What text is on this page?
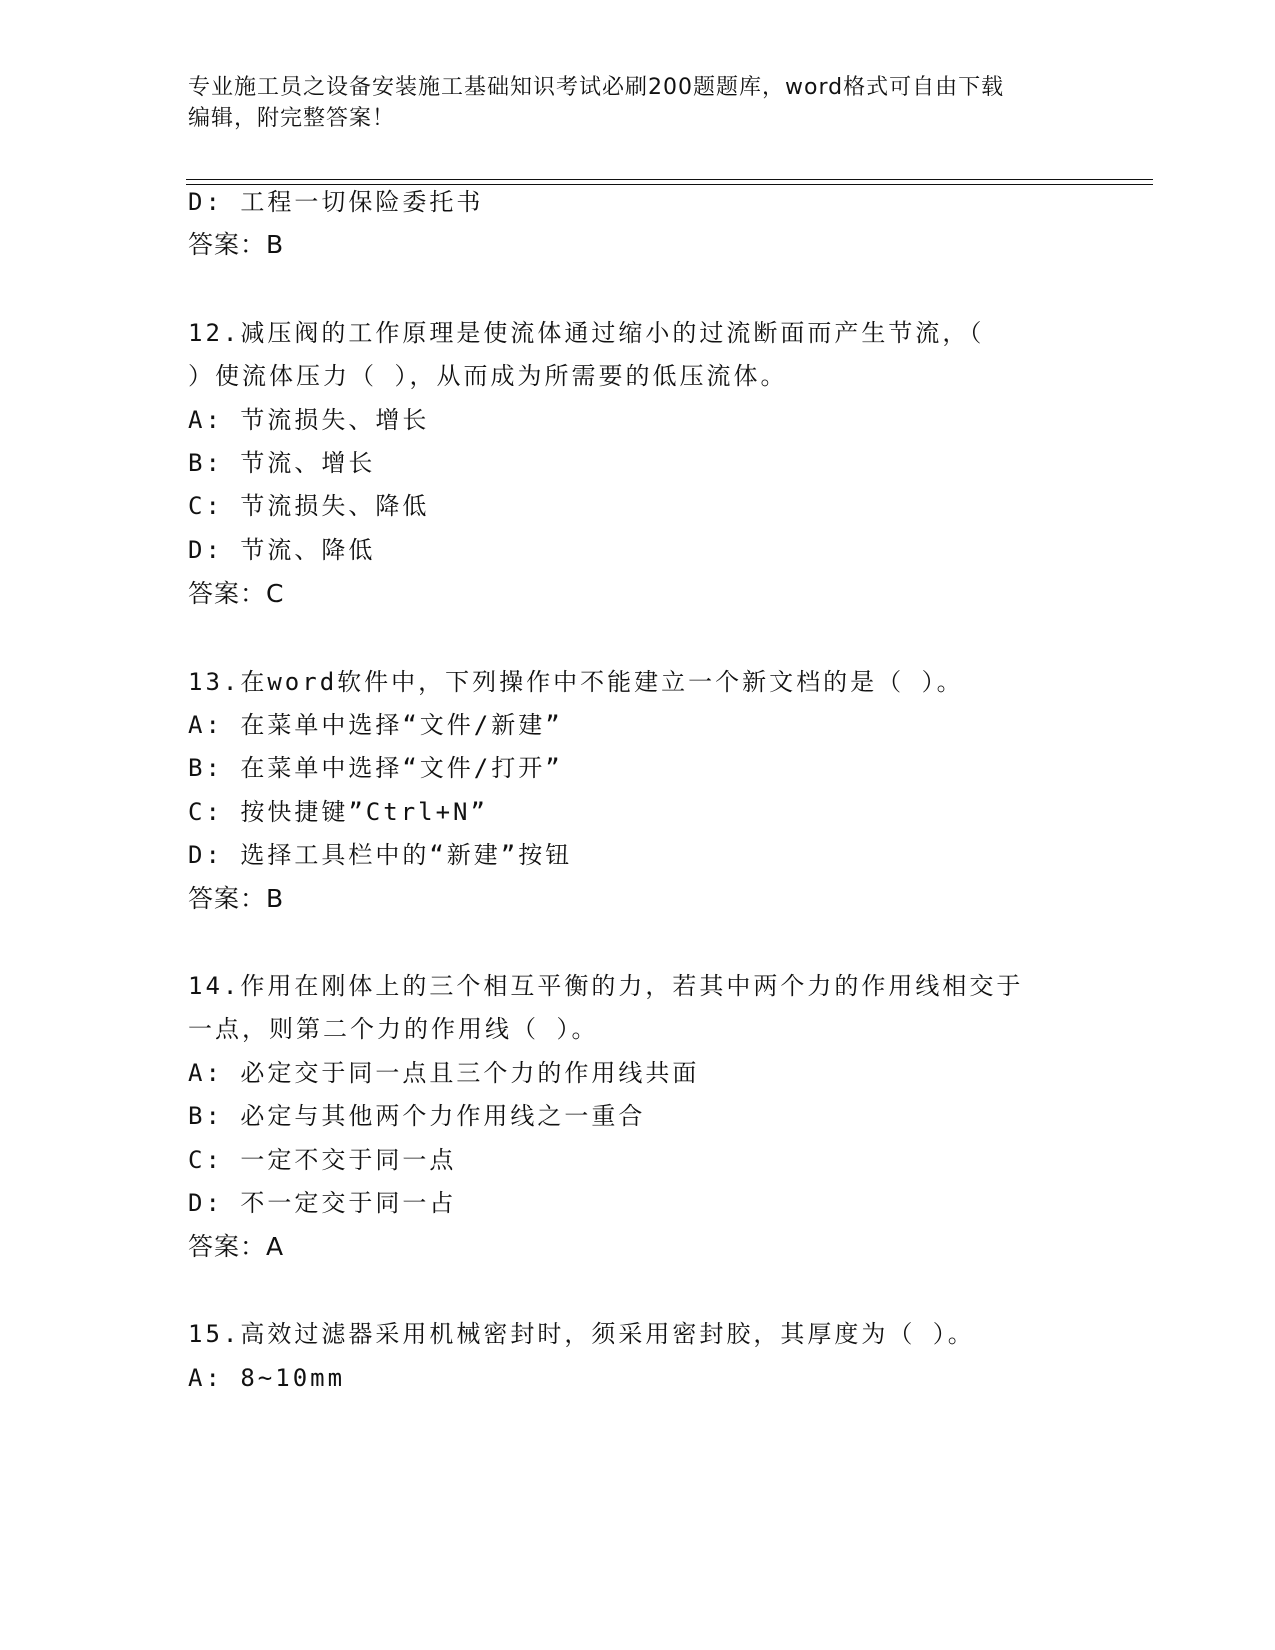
专业施工员之设备安装施工基础知识考试必刷200题题库，word格式可自由下载
编辑，附完整答案！
D: 工程一切保险委托书
答案：B
12.减压阀的工作原理是使流体通过缩小的过流断面而产生节流，（
）使流体压力（ ），从而成为所需要的低压流体。
A: 节流损失、增长
B: 节流、增长
C: 节流损失、降低
D: 节流、降低
答案：C
13.在word软件中，下列操作中不能建立一个新文档的是（ ）。
A: 在菜单中选择“文件/新建”
B: 在菜单中选择“文件/打开”
C: 按快捷键”Ctrl+N”
D: 选择工具栏中的“新建”按钮
答案：B
14.作用在刚体上的三个相互平衡的力，若其中两个力的作用线相交于
一点，则第二个力的作用线（ ）。
A: 必定交于同一点且三个力的作用线共面
B: 必定与其他两个力作用线之一重合
C: 一定不交于同一点
D: 不一定交于同一占
答案：A
15.高效过滤器采用机械密封时，须采用密封胶，其厚度为（ ）。
A: 8~10mm
